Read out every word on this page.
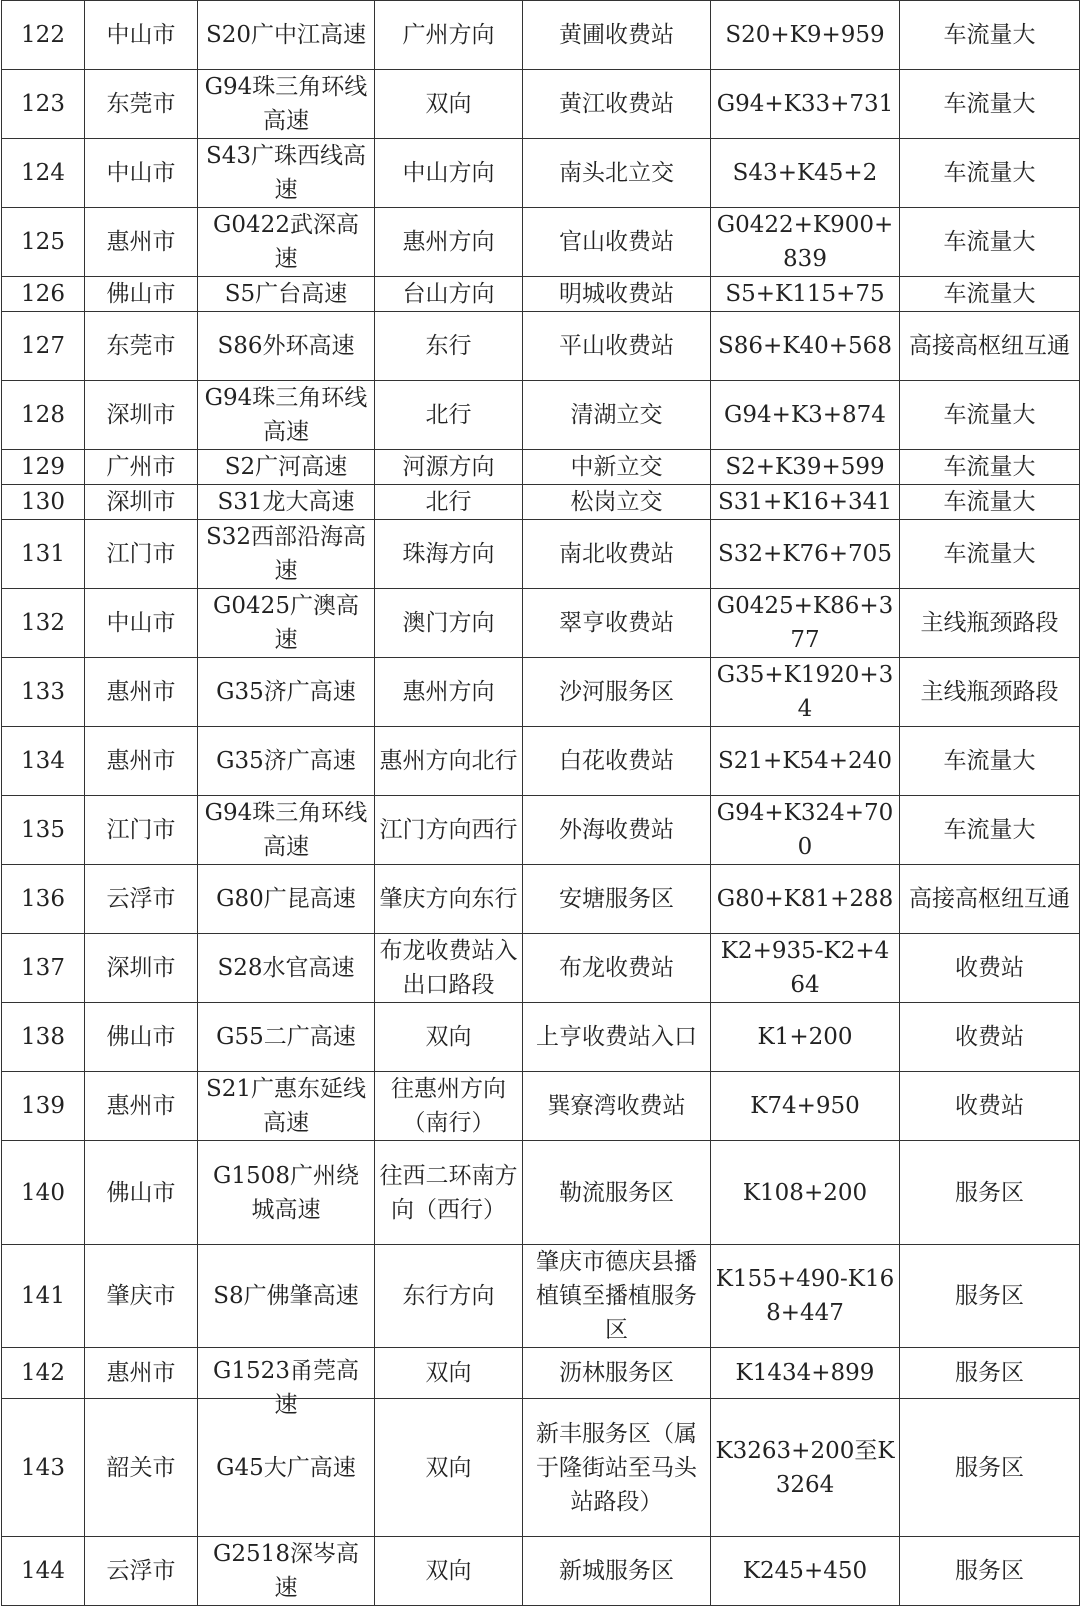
122	中山市	S20广中江高速	广州方向	黄圃收费站	S20+K9+959	车流量大
123	东莞市	G94珠三角环线高速	双向	黄江收费站	G94+K33+731	车流量大
124	中山市	S43广珠西线高速	中山方向	南头北立交	S43+K45+2	车流量大
125	惠州市	G0422武深高速	惠州方向	官山收费站	G0422+K900+839	车流量大
126	佛山市	S5广台高速	台山方向	明城收费站	S5+K115+75	车流量大
127	东莞市	S86外环高速	东行	平山收费站	S86+K40+568	高接高枢纽互通
128	深圳市	G94珠三角环线高速	北行	清湖立交	G94+K3+874	车流量大
129	广州市	S2广河高速	河源方向	中新立交	S2+K39+599	车流量大
130	深圳市	S31龙大高速	北行	松岗立交	S31+K16+341	车流量大
131	江门市	S32西部沿海高速	珠海方向	南北收费站	S32+K76+705	车流量大
132	中山市	G0425广澳高速	澳门方向	翠亨收费站	G0425+K86+377	主线瓶颈路段
133	惠州市	G35济广高速	惠州方向	沙河服务区	G35+K1920+34	主线瓶颈路段
134	惠州市	G35济广高速	惠州方向北行	白花收费站	S21+K54+240	车流量大
135	江门市	G94珠三角环线高速	江门方向西行	外海收费站	G94+K324+700	车流量大
136	云浮市	G80广昆高速	肇庆方向东行	安塘服务区	G80+K81+288	高接高枢纽互通
137	深圳市	S28水官高速	布龙收费站入出口路段	布龙收费站	K2+935-K2+464	收费站
138	佛山市	G55二广高速	双向	上亨收费站入口	K1+200	收费站
139	惠州市	S21广惠东延线高速	往惠州方向（南行）	巽寮湾收费站	K74+950	收费站
140	佛山市	G1508广州绕城高速	往西二环南方向（西行）	勒流服务区	K108+200	服务区
141	肇庆市	S8广佛肇高速	东行方向	肇庆市德庆县播植镇至播植服务区	K155+490-K168+447	服务区
142	惠州市	G1523甬莞高速	双向	沥林服务区	K1434+899	服务区
143	韶关市	G45大广高速	双向	新丰服务区（属于隆街站至马头站路段）	K3263+200至K3264	服务区
144	云浮市	G2518深岑高速	双向	新城服务区	K245+450	服务区
